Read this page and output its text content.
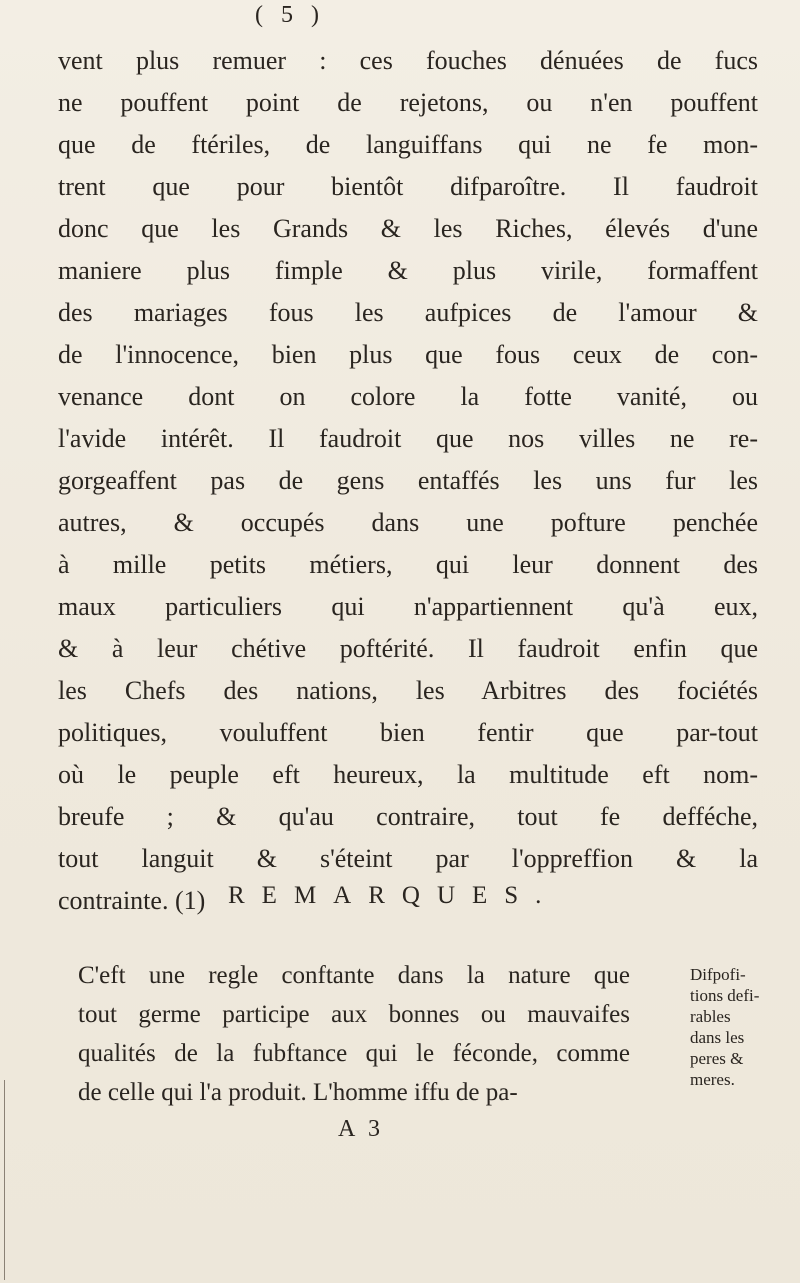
( 5 )
vent plus remuer : ces fouches dénuées de fucs
ne pouffent point de rejetons, ou n'en pouffent
que de ftériles, de languiffans qui ne fe mon-
trent que pour bientôt difparoître. Il faudroit
donc que les Grands & les Riches, élevés d'une
maniere plus fimple & plus virile, formaffent
des mariages fous les aufpices de l'amour &
de l'innocence, bien plus que fous ceux de con-
venance dont on colore la fotte vanité, ou
l'avide intérêt. Il faudroit que nos villes ne re-
gorgeaffent pas de gens entaffés les uns fur les
autres, & occupés dans une pofture penchée
à mille petits métiers, qui leur donnent des
maux particuliers qui n'appartiennent qu'à eux,
& à leur chétive poftérité. Il faudroit enfin que
les Chefs des nations, les Arbitres des fociétés
politiques, vouluffent bien fentir que par-tout
où le peuple eft heureux, la multitude eft nom-
breufe ; & qu'au contraire, tout fe defféche,
tout languit & s'éteint par l'oppreffion & la
contrainte. (1) REMARQUES.
C'eft une regle conftante dans la nature que
tout germe participe aux bonnes ou mauvaifes
qualités de la fubftance qui le féconde, comme
de celle qui l'a produit. L'homme iffu de pa-
Difpofi-
tions defi-
rables
dans les
peres &
meres.
A 3
